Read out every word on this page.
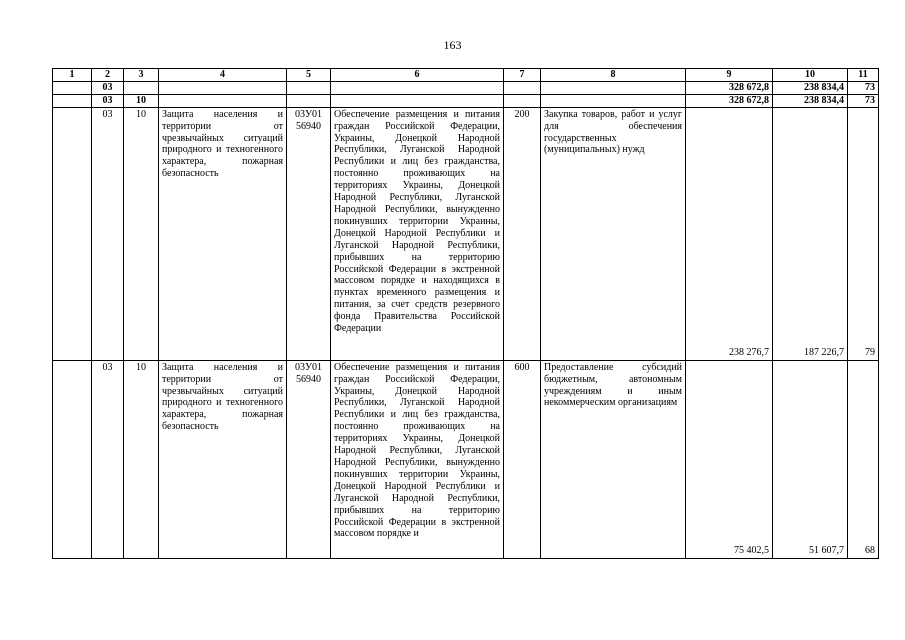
163
1	2	3	4	5	6	7	8	9	10	11
	03							328 672,8	238 834,4	73
	03	10						328 672,8	238 834,4	73
	03	10	Защита населения и территории от чрезвычайных ситуаций природного и техногенного характера, пожарная безопасность	03У01 56940	Обеспечение размещения и питания граждан Российской Федерации, Украины, Донецкой Народной Республики, Луганской Народной Республики и лиц без гражданства, постоянно проживающих на территориях Украины, Донецкой Народной Республики, Луганской Народной Республики, вынужденно покинувших территории Украины, Донецкой Народной Республики и Луганской Народной Республики, прибывших на территорию Российской Федерации в экстренной массовом порядке и находящихся в пунктах временного размещения и питания, за счет средств резервного фонда Правительства Российской Федерации	200	Закупка товаров, работ и услуг для обеспечения государственных (муниципальных) нужд	238 276,7	187 226,7	79
	03	10	Защита населения и территории от чрезвычайных ситуаций природного и техногенного характера, пожарная безопасность	03У01 56940	Обеспечение размещения и питания граждан Российской Федерации, Украины, Донецкой Народной Республики, Луганской Народной Республики и лиц без гражданства, постоянно проживающих на территориях Украины, Донецкой Народной Республики, Луганской Народной Республики, вынужденно покинувших территории Украины, Донецкой Народной Республики и Луганской Народной Республики, прибывших на территорию Российской Федерации в экстренной массовом порядке и	600	Предоставление субсидий бюджетным, автономным учреждениям и иным некоммерческим организациям	75 402,5	51 607,7	68
